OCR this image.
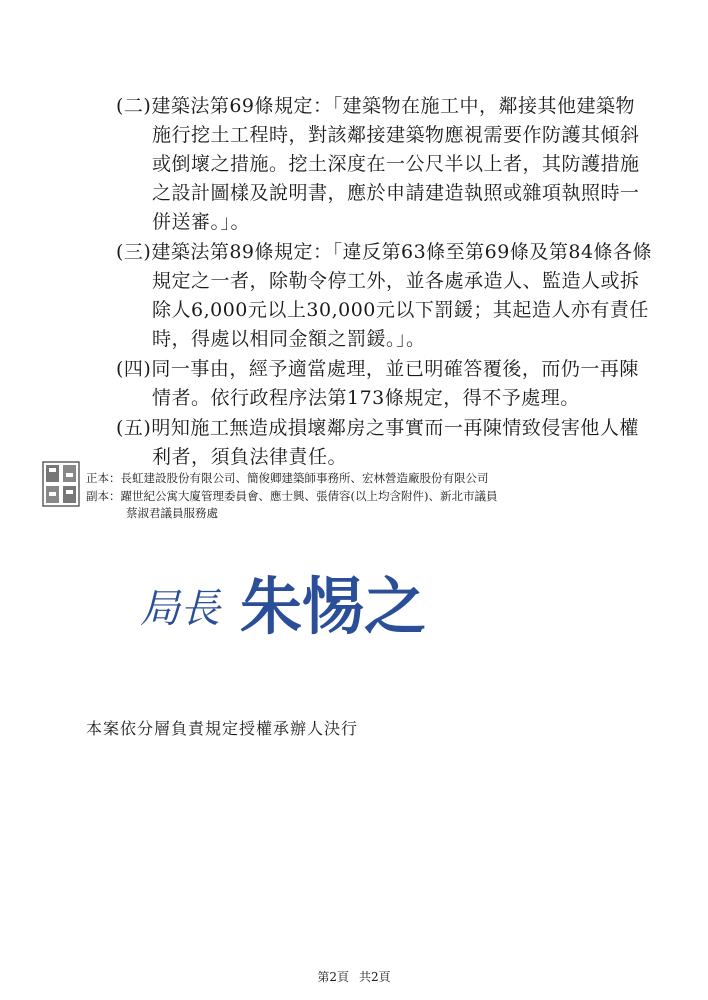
(二)建築法第69條規定：「建築物在施工中，鄰接其他建築物
施行挖土工程時，對該鄰接建築物應視需要作防護其傾斜
或倒壞之措施。挖土深度在一公尺半以上者，其防護措施
之設計圖樣及說明書，應於申請建造執照或雜項執照時一
併送審。」。
(三)建築法第89條規定：「違反第63條至第69條及第84條各條
規定之一者，除勒令停工外，並各處承造人、監造人或拆
除人6,000元以上30,000元以下罰鍰；其起造人亦有責任
時，得處以相同金額之罰鍰。」。
(四)同一事由，經予適當處理，並已明確答覆後，而仍一再陳
情者。依行政程序法第173條規定，得不予處理。
(五)明知施工無造成損壞鄰房之事實而一再陳情致侵害他人權
利者，須負法律責任。
正本：長虹建設股份有限公司、簡俊卿建築師事務所、宏林營造廠股份有限公司
副本：躍世紀公寓大廈管理委員會、應士興、張倩容(以上均含附件)、新北市議員
蔡淑君議員服務處
局長 朱惕之
本案依分層負責規定授權承辦人決行
第2頁 共2頁
